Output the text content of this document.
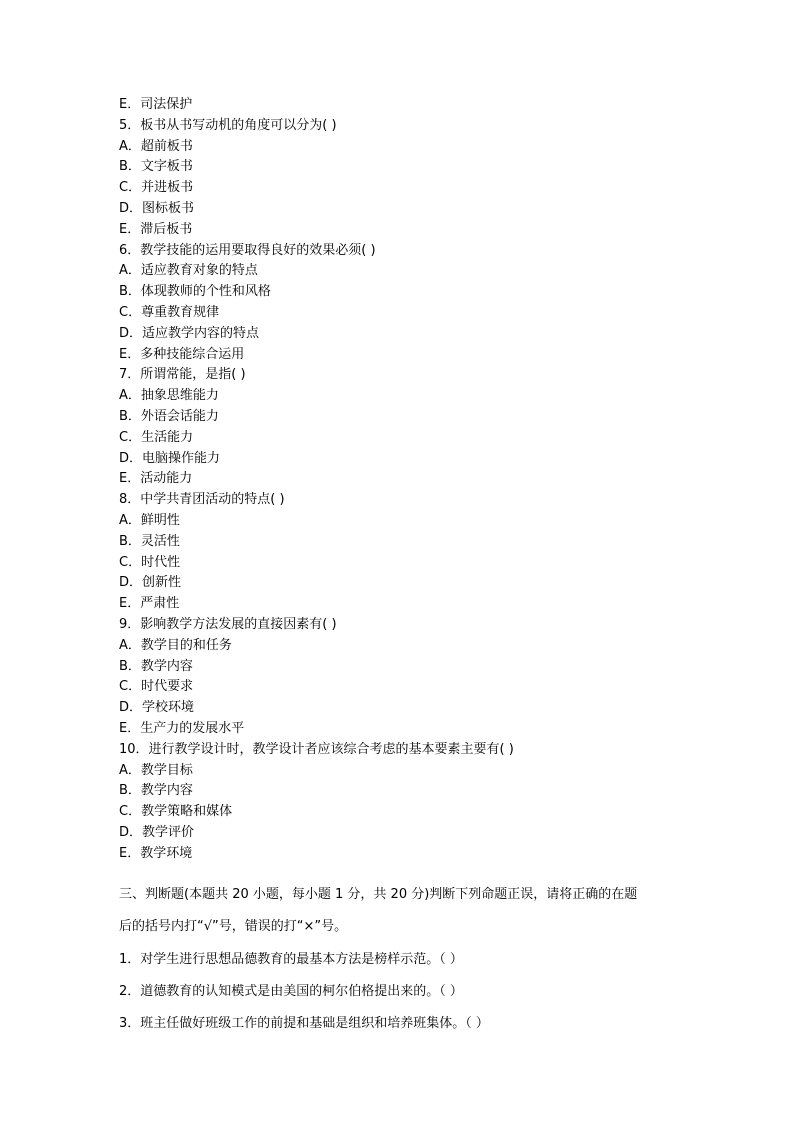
E．司法保护
5．板书从书写动机的角度可以分为( )
A．超前板书
B．文字板书
C．并进板书
D．图标板书
E．滞后板书
6．教学技能的运用要取得良好的效果必须( )
A．适应教育对象的特点
B．体现教师的个性和风格
C．尊重教育规律
D．适应教学内容的特点
E．多种技能综合运用
7．所谓常能，是指( )
A．抽象思维能力
B．外语会话能力
C．生活能力
D．电脑操作能力
E．活动能力
8．中学共青团活动的特点( )
A．鲜明性
B．灵活性
C．时代性
D．创新性
E．严肃性
9．影响教学方法发展的直接因素有( )
A．教学目的和任务
B．教学内容
C．时代要求
D．学校环境
E．生产力的发展水平
10．进行教学设计时，教学设计者应该综合考虑的基本要素主要有( )
A．教学目标
B．教学内容
C．教学策略和媒体
D．教学评价
E．教学环境
三、判断题(本题共 20 小题，每小题 1 分，共 20 分)判断下列命题正误，请将正确的在题
后的括号内打“√”号，错误的打“×”号。
1．对学生进行思想品德教育的最基本方法是榜样示范。（ ）
2．道德教育的认知模式是由美国的柯尔伯格提出来的。（ ）
3．班主任做好班级工作的前提和基础是组织和培养班集体。（ ）
